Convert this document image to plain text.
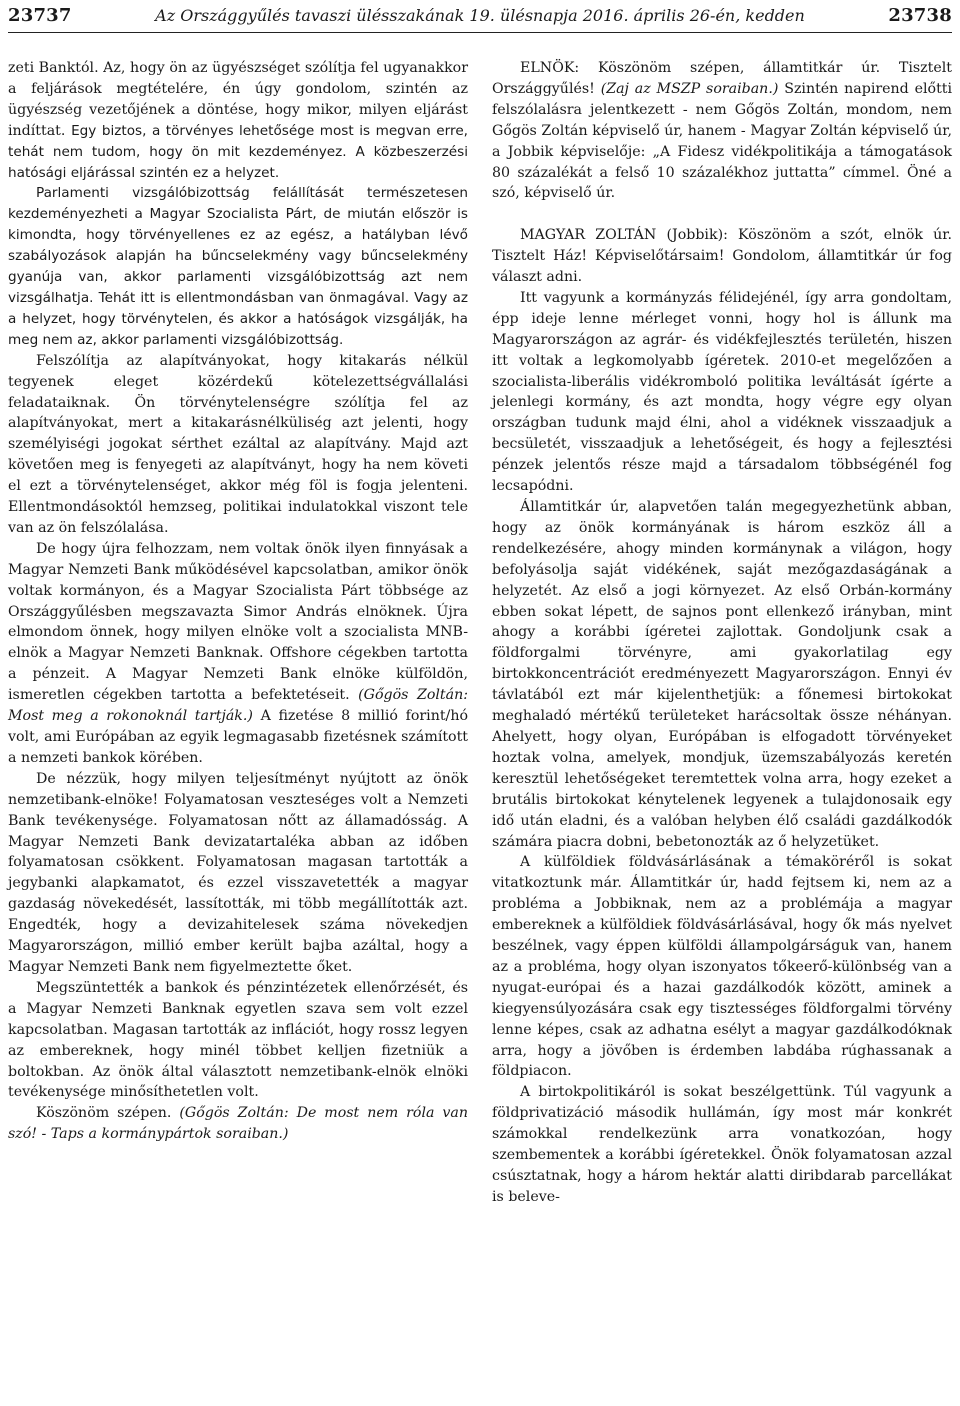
23737	Az Országgyűlés tavaszi ülésszakának 19. ülésnapja 2016. április 26-én, kedden	23738

zeti Banktól. Az, hogy ön az ügyészséget szólítja fel ugyanakkor a feljárások megtételére, én úgy gondolom, szintén az ügyészség vezetőjének a döntése, hogy mikor, milyen eljárást indíttat. Egy biztos, a törvényes lehetősége most is megvan erre, tehát nem tudom, hogy ön mit kezdeményez. A közbeszerzési hatósági eljárással szintén ez a helyzet.

Parlamenti vizsgálóbizottság felállítását természetesen kezdeményezheti a Magyar Szocialista Párt, de miután először is kimondta, hogy törvényellenes ez az egész, a hatályban lévő szabályozások alapján ha bűncselekmény vagy bűncselekmény gyanúja van, akkor parlamenti vizsgálóbizottság azt nem vizsgálhatja. Tehát itt is ellentmondásban van önmagával. Vagy az a helyzet, hogy törvénytelen, és akkor a hatóságok vizsgálják, ha meg nem az, akkor parlamenti vizsgálóbizottság.

Felszólítja az alapítványokat, hogy kitakarás nélkül tegyenek eleget közérdekű kötelezettségvállalási feladataiknak. Ön törvénytelenségre szólítja fel az alapítványokat, mert a kitakarásnélküliség azt jelenti, hogy személyiségi jogokat sérthet ezáltal az alapítvány. Majd azt követően meg is fenyegeti az alapítványt, hogy ha nem követi el ezt a törvénytelenséget, akkor még föl is fogja jelenteni. Ellentmondásoktól hemzseg, politikai indulatokkal viszont tele van az ön felszólalása.

De hogy újra felhozzam, nem voltak önök ilyen finnyásak a Magyar Nemzeti Bank működésével kapcsolatban, amikor önök voltak kormányon, és a Magyar Szocialista Párt többsége az Országgyűlésben megszavazta Simor András elnöknek. Újra elmondom önnek, hogy milyen elnöke volt a szocialista MNB-elnök a Magyar Nemzeti Banknak. Offshore cégekben tartotta a pénzeit. A Magyar Nemzeti Bank elnöke külföldön, ismeretlen cégekben tartotta a befektetéseit. (Gőgös Zoltán: Most meg a rokonoknál tartják.) A fizetése 8 millió forint/hó volt, ami Európában az egyik legmagasabb fizetésnek számított a nemzeti bankok körében.

De nézzük, hogy milyen teljesítményt nyújtott az önök nemzetibank-elnöke! Folyamatosan veszteséges volt a Nemzeti Bank tevékenysége. Folyamatosan nőtt az államadósság. A Magyar Nemzeti Bank devizatartaléka abban az időben folyamatosan csökkent. Folyamatosan magasan tartották a jegybanki alapkamatot, és ezzel visszavetették a magyar gazdaság növekedését, lassították, mi több megállították azt. Engedték, hogy a devizahitelesek száma növekedjen Magyarországon, millió ember került bajba azáltal, hogy a Magyar Nemzeti Bank nem figyelmeztette őket.

Megszüntették a bankok és pénzintézetek ellenőrzését, és a Magyar Nemzeti Banknak egyetlen szava sem volt ezzel kapcsolatban. Magasan tartották az inflációt, hogy rossz legyen az embereknek, hogy minél többet kelljen fizetniük a boltokban. Az önök által választott nemzetibank-elnök elnöki tevékenysége minősíthetetlen volt.

Köszönöm szépen. (Gőgös Zoltán: De most nem róla van szó! - Taps a kormánypártok soraiban.)

ELNÖK: Köszönöm szépen, államtitkár úr. Tisztelt Országgyűlés! (Zaj az MSZP soraiban.) Szintén napirend előtti felszólalásra jelentkezett - nem Gőgös Zoltán, mondom, nem Gőgös Zoltán képviselő úr, hanem - Magyar Zoltán képviselő úr, a Jobbik képviselője: „A Fidesz vidékpolitikája a támogatások 80 százalékát a felső 10 százalékhoz juttatta” címmel. Öné a szó, képviselő úr.

MAGYAR ZOLTÁN (Jobbik): Köszönöm a szót, elnök úr. Tisztelt Ház! Képviselőtársaim! Gondolom, államtitkár úr fog választ adni.

Itt vagyunk a kormányzás félidejénél, így arra gondoltam, épp ideje lenne mérleget vonni, hogy hol is állunk ma Magyarországon az agrár- és vidékfejlesztés területén, hiszen itt voltak a legkomolyabb ígéretek. 2010-et megelőzően a szocialista-liberális vidékromboló politika leváltását ígérte a jelenlegi kormány, és azt mondta, hogy végre egy olyan országban tudunk majd élni, ahol a vidéknek visszaadjuk a becsületét, visszaadjuk a lehetőségeit, és hogy a fejlesztési pénzek jelentős része majd a társadalom többségénél fog lecsapódni.

Államtitkár úr, alapvetően talán megegyezhetünk abban, hogy az önök kormányának is három eszköz áll a rendelkezésére, ahogy minden kormánynak a világon, hogy befolyásolja saját vidékének, saját mezőgazdaságának a helyzetét. Az első a jogi környezet. Az első Orbán-kormány ebben sokat lépett, de sajnos pont ellenkező irányban, mint ahogy a korábbi ígéretei zajlottak. Gondoljunk csak a földforgalmi törvényre, ami gyakorlatilag egy birtokkoncentrációt eredményezett Magyarországon. Ennyi év távlatából ezt már kijelenthetjük: a főnemesi birtokokat meghaladó mértékű területeket harácsoltak össze néhányan. Ahelyett, hogy olyan, Európában is elfogadott törvényeket hoztak volna, amelyek, mondjuk, üzemszabályozás keretén keresztül lehetőségeket teremtettek volna arra, hogy ezeket a brutális birtokokat kénytelenek legyenek a tulajdonosaik egy idő után eladni, és a valóban helyben élő családi gazdálkodók számára piacra dobni, bebetonozták az ő helyzetüket.

A külföldiek földvásárlásának a témaköréről is sokat vitatkoztunk már. Államtitkár úr, hadd fejtsem ki, nem az a probléma a Jobbiknak, nem az a problémája a magyar embereknek a külföldiek földvásárlásával, hogy ők más nyelvet beszélnek, vagy éppen külföldi állampolgárságuk van, hanem az a probléma, hogy olyan iszonyatos tőkeerő-különbség van a nyugat-európai és a hazai gazdálkodók között, aminek a kiegyensúlyozására csak egy tisztességes földforgalmi törvény lenne képes, csak az adhatna esélyt a magyar gazdálkodóknak arra, hogy a jövőben is érdemben labdába rúghassanak a földpiacon.

A birtokpolitikáról is sokat beszélgettünk. Túl vagyunk a földprivatizáció második hullámán, így most már konkrét számokkal rendelkezünk arra vonatkozóan, hogy szembementek a korábbi ígéretekkel. Önök folyamatosan azzal csúsztatnak, hogy a három hektár alatti diribdarab parcellákat is beleve-
